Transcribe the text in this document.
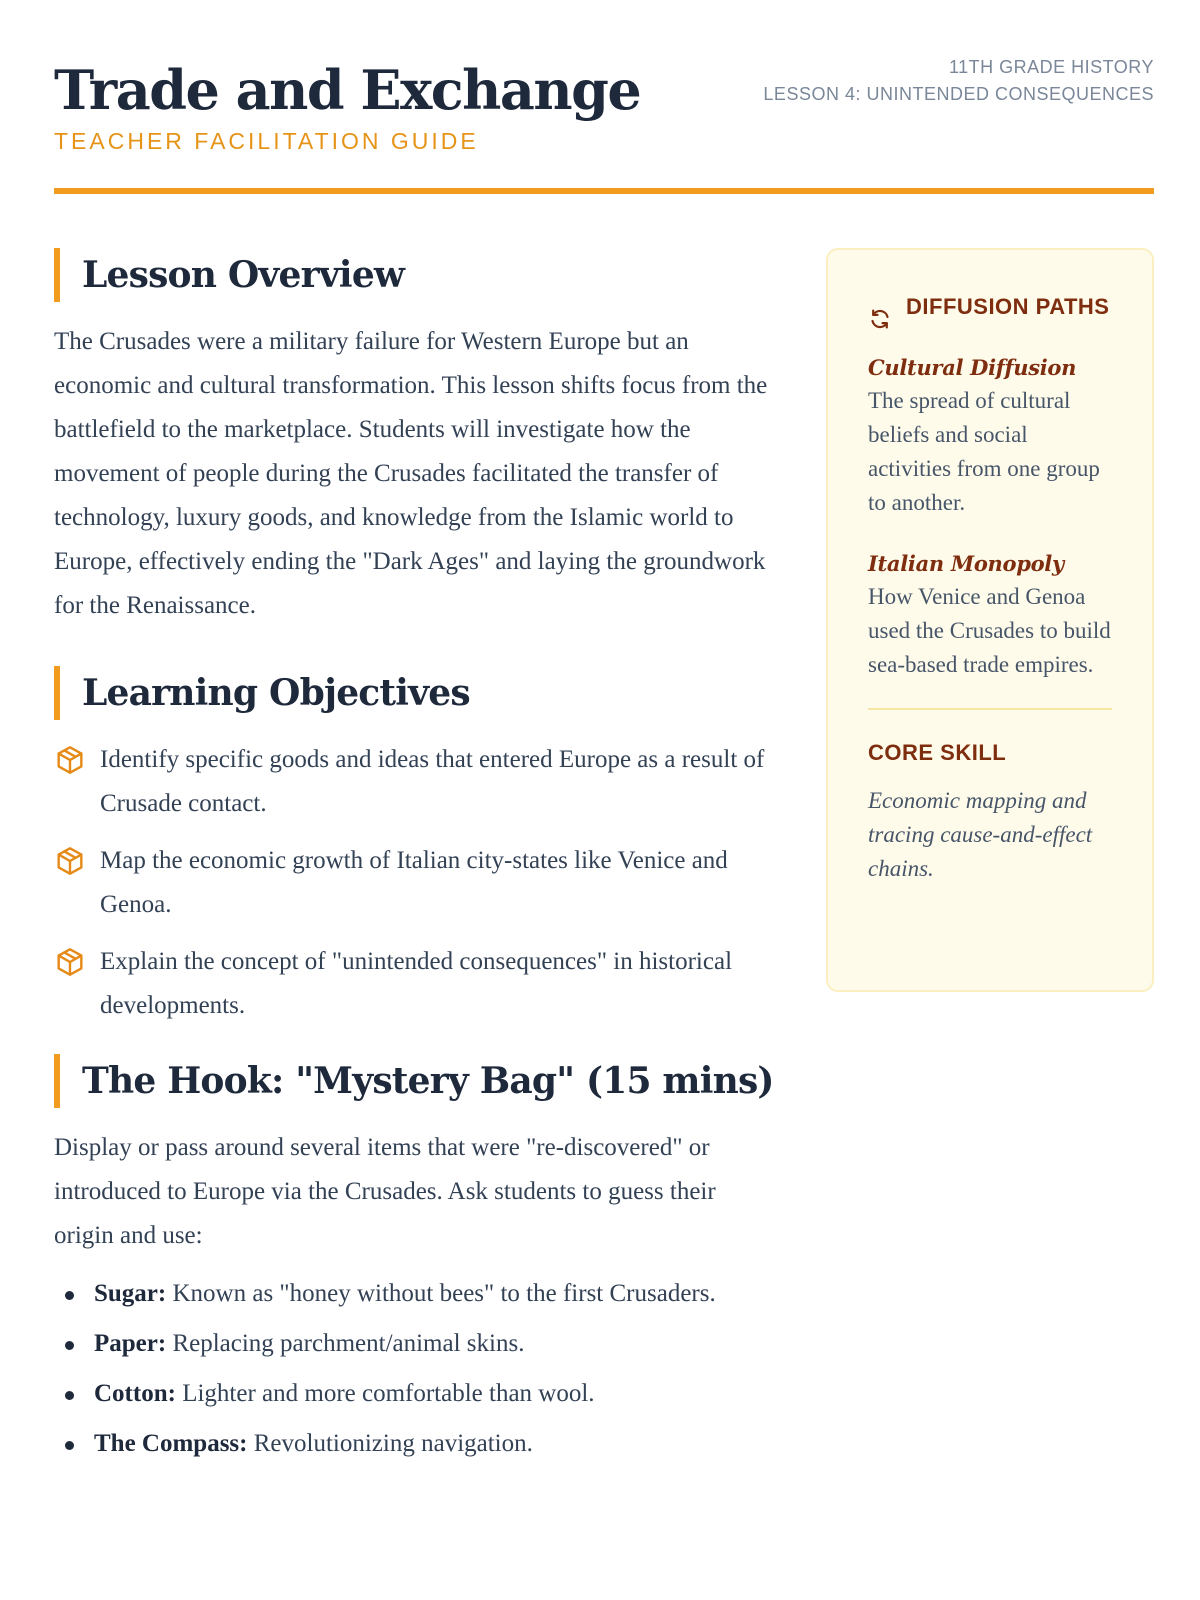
Trade and Exchange
TEACHER FACILITATION GUIDE
11TH GRADE HISTORY
LESSON 4: UNINTENDED CONSEQUENCES
Lesson Overview

The Crusades were a military failure for Western Europe but an economic and cultural transformation. This lesson shifts focus from the battlefield to the marketplace. Students will investigate how the movement of people during the Crusades facilitated the transfer of technology, luxury goods, and knowledge from the Islamic world to Europe, effectively ending the "Dark Ages" and laying the groundwork for the Renaissance.

Learning Objectives
Identify specific goods and ideas that entered Europe as a result of Crusade contact.
Map the economic growth of Italian city-states like Venice and Genoa.
Explain the concept of "unintended consequences" in historical developments.
The Hook: "Mystery Bag" (15 mins)

Display or pass around several items that were "re-discovered" or introduced to Europe via the Crusades. Ask students to guess their origin and use:

Sugar: Known as "honey without bees" to the first Crusaders.
Paper: Replacing parchment/animal skins.
Cotton: Lighter and more comfortable than wool.
The Compass: Revolutionizing navigation.
DIFFUSION PATHS
Cultural Diffusion
The spread of cultural beliefs and social activities from one group to another.
Italian Monopoly
How Venice and Genoa used the Crusades to build sea-based trade empires.
CORE SKILL
Economic mapping and tracing cause-and-effect chains.
